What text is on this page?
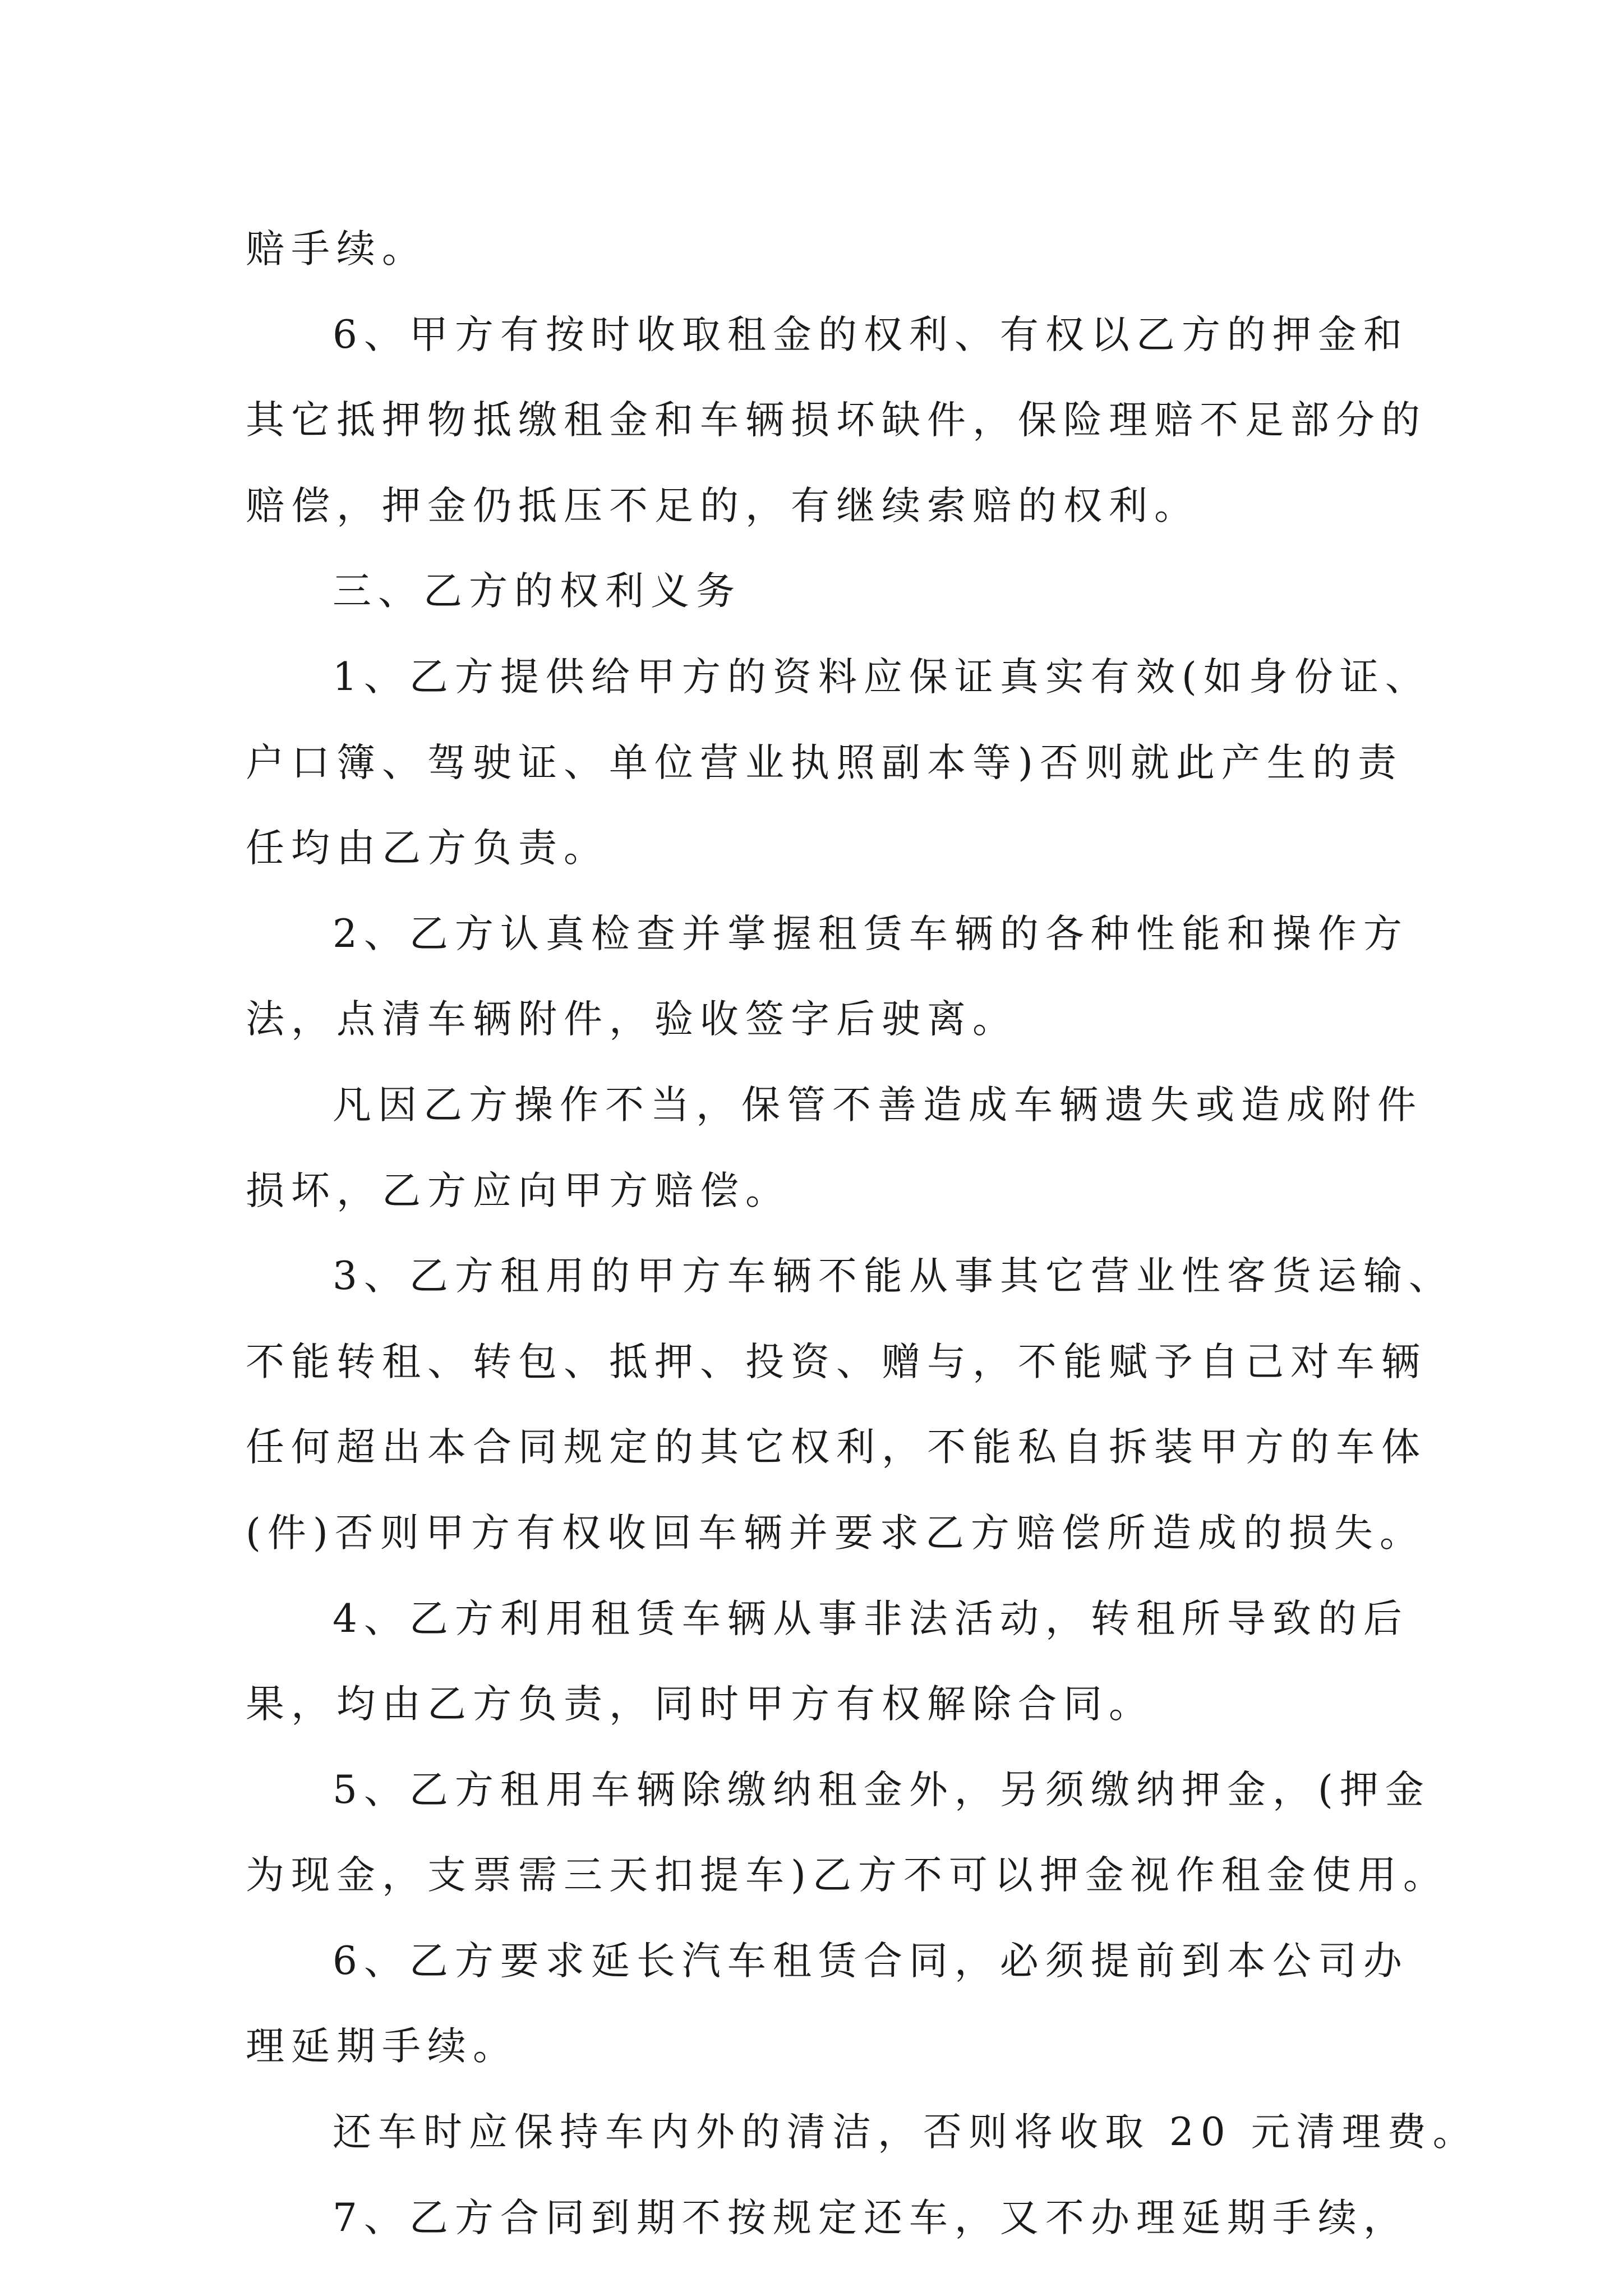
赔手续。
6、甲方有按时收取租金的权利、有权以乙方的押金和
其它抵押物抵缴租金和车辆损坏缺件，保险理赔不足部分的
赔偿，押金仍抵压不足的，有继续索赔的权利。
三、乙方的权利义务
1、乙方提供给甲方的资料应保证真实有效(如身份证、
户口簿、驾驶证、单位营业执照副本等)否则就此产生的责
任均由乙方负责。
2、乙方认真检查并掌握租赁车辆的各种性能和操作方
法，点清车辆附件，验收签字后驶离。
凡因乙方操作不当，保管不善造成车辆遗失或造成附件
损坏，乙方应向甲方赔偿。
3、乙方租用的甲方车辆不能从事其它营业性客货运输、
不能转租、转包、抵押、投资、赠与，不能赋予自己对车辆
任何超出本合同规定的其它权利，不能私自拆装甲方的车体
(件)否则甲方有权收回车辆并要求乙方赔偿所造成的损失。
4、乙方利用租赁车辆从事非法活动，转租所导致的后
果，均由乙方负责，同时甲方有权解除合同。
5、乙方租用车辆除缴纳租金外，另须缴纳押金，(押金
为现金，支票需三天扣提车)乙方不可以押金视作租金使用。
6、乙方要求延长汽车租赁合同，必须提前到本公司办
理延期手续。
还车时应保持车内外的清洁，否则将收取 20 元清理费。
7、乙方合同到期不按规定还车，又不办理延期手续，
